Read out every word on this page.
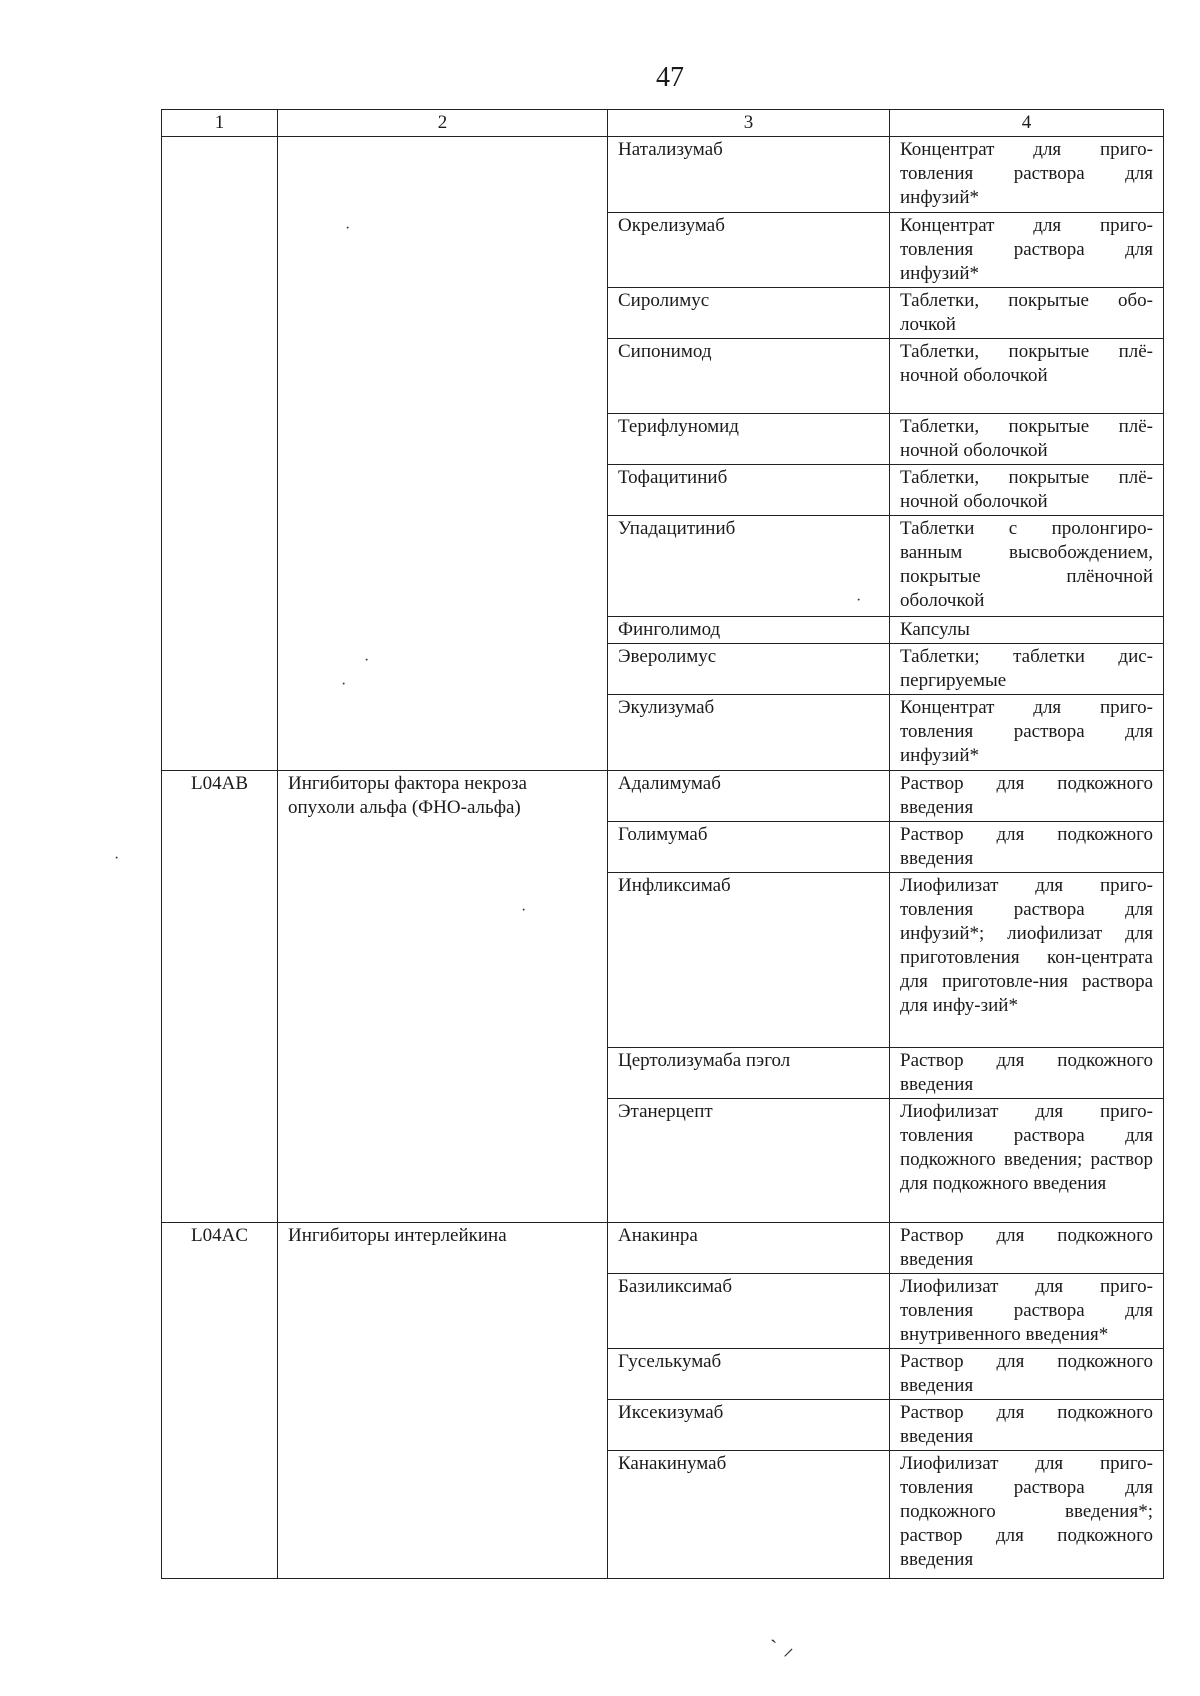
47
1	2	3	4
		Натализумаб	Концентрат для приго-товления раствора для инфузий*
		Окрелизумаб	Концентрат для приго-товления раствора для инфузий*
		Сиролимус	Таблетки, покрытые обо-лочкой
		Сипонимод	Таблетки, покрытые плё-ночной оболочкой
		Терифлуномид	Таблетки, покрытые плё-ночной оболочкой
		Тофацитиниб	Таблетки, покрытые плё-ночной оболочкой
		Упадацитиниб	Таблетки с пролонгиро-ванным высвобождением, покрытые плёночной оболочкой
		Финголимод	Капсулы
		Эверолимус	Таблетки; таблетки дис-пергируемые
		Экулизумаб	Концентрат для приго-товления раствора для инфузий*
L04AB	Ингибиторы фактора некроза опухоли альфа (ФНО-альфа)	Адалимумаб	Раствор для подкожного введения
		Голимумаб	Раствор для подкожного введения
		Инфликсимаб	Лиофилизат для приго-товления раствора для инфузий*; лиофилизат для приготовления кон-центрата для приготовле-ния раствора для инфу-зий*
		Цертолизумаба пэгол	Раствор для подкожного введения
		Этанерцепт	Лиофилизат для приго-товления раствора для подкожного введения; раствор для подкожного введения
L04AC	Ингибиторы интерлейкина	Анакинра	Раствор для подкожного введения
		Базиликсимаб	Лиофилизат для приго-товления раствора для внутривенного введения*
		Гуселькумаб	Раствор для подкожного введения
		Иксекизумаб	Раствор для подкожного введения
		Канакинумаб	Лиофилизат для приго-товления раствора для подкожного введения*; раствор для подкожного введения
·
·
·
·
·
·
` ⸝
